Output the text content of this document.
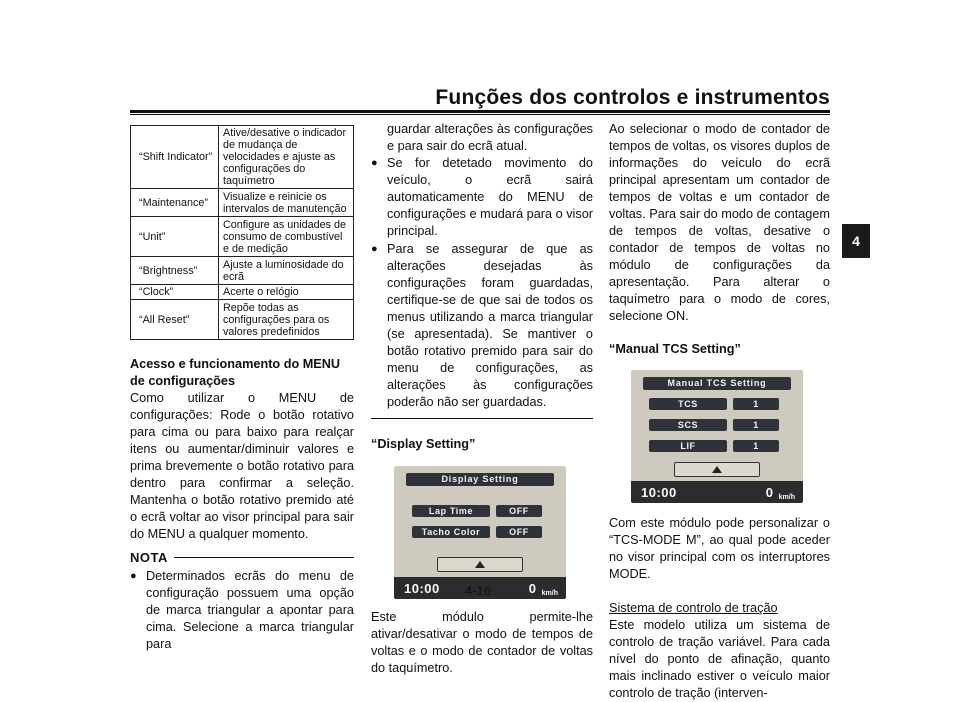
Funções dos controlos e instrumentos
4
“Shift Indicator”	Ative/desative o indicador de mudança de velocidades e ajuste as configurações do taquímetro
“Maintenance”	Visualize e reinicie os intervalos de manutenção
“Unit”	Configure as unidades de consumo de combustível e de medição
“Brightness”	Ajuste a luminosidade do ecrã
“Clock”	Acerte o relógio
“All Reset”	Repõe todas as configurações para os valores predefinidos
Acesso e funcionamento do MENU de configurações

Como utilizar o MENU de configurações: Rode o botão rotativo para cima ou para baixo para realçar itens ou aumentar/diminuir valores e prima brevemente o botão rotativo para dentro para confirmar a seleção. Mantenha o botão rotativo premido até o ecrã voltar ao visor principal para sair do MENU a qualquer momento.

NOTA
● Determinados ecrãs do menu de configuração possuem uma opção de marca triangular a apontar para cima. Selecione a marca triangular para

guardar alterações às configurações e para sair do ecrã atual.

● Se for detetado movimento do veículo, o ecrã sairá automaticamente do MENU de configurações e mudará para o visor principal.
● Para se assegurar de que as alterações desejadas às configurações foram guardadas, certifique-se de que sai de todos os menus utilizando a marca triangular (se apresentada). Se mantiver o botão rotativo premido para sair do menu de configurações, as alterações às configurações poderão não ser guardadas.
“Display Setting”
Display Setting
Lap Time	OFF
Tacho Color	OFF
10:00	0 km/h

Este módulo permite-lhe ativar/desativar o modo de tempos de voltas e o modo de contador de voltas do taquímetro.

Ao selecionar o modo de contador de tempos de voltas, os visores duplos de informações do veículo do ecrã principal apresentam um contador de tempos de voltas e um contador de voltas. Para sair do modo de contagem de tempos de voltas, desative o contador de tempos de voltas no módulo de configurações da apresentação. Para alterar o taquímetro para o modo de cores, selecione ON.

“Manual TCS Setting”
Manual TCS Setting
TCS	1
SCS	1
LIF	1
10:00	0 km/h

Com este módulo pode personalizar o “TCS-MODE M”, ao qual pode aceder no visor principal com os interruptores MODE.

Sistema de controlo de tração

Este modelo utiliza um sistema de controlo de tração variável. Para cada nível do ponto de afinação, quanto mais inclinado estiver o veículo maior controlo de tração (interven-

4-16
